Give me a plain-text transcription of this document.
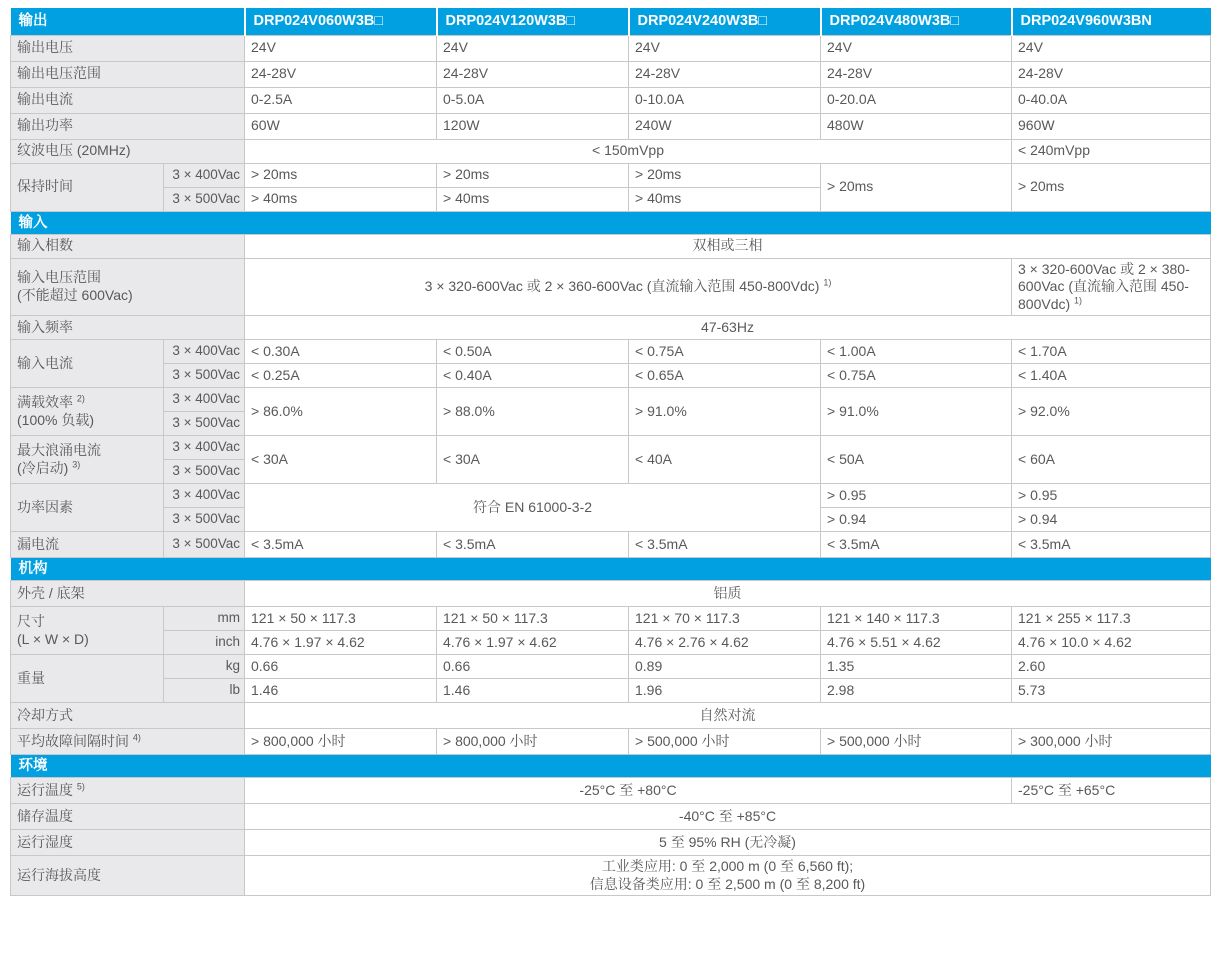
输出		DRP024V060W3B□	DRP024V120W3B□	DRP024V240W3B□	DRP024V480W3B□	DRP024V960W3BN
输出电压		24V	24V	24V	24V	24V
输出电压范围		24-28V	24-28V	24-28V	24-28V	24-28V
输出电流		0-2.5A	0-5.0A	0-10.0A	0-20.0A	0-40.0A
输出功率		60W	120W	240W	480W	960W
纹波电压 (20MHz)		< 150mVpp				< 240mVpp
保持时间	3 × 400Vac	> 20ms	> 20ms	> 20ms	> 20ms	> 20ms
	3 × 500Vac	> 40ms	> 40ms	> 40ms		
输入						
输入相数		双相或三相				
输入电压范围
(不能超过 600Vac)		3 × 320-600Vac 或 2 × 360-600Vac (直流输入范围 450-800Vdc) $^{1)}$				3 × 320-600Vac 或 2 × 380-600Vac (直流输入范围 450-800Vdc) $^{1)}$
输入频率		47-63Hz				
输入电流	3 × 400Vac	< 0.30A	< 0.50A	< 0.75A	< 1.00A	< 1.70A
	3 × 500Vac	< 0.25A	< 0.40A	< 0.65A	< 0.75A	< 1.40A
满载效率 $^{2)}$
(100% 负载)	3 × 400Vac	> 86.0%	> 88.0%	> 91.0%	> 91.0%	> 92.0%
	3 × 500Vac					
最大浪涌电流
(冷启动) $^{3)}$	3 × 400Vac	< 30A	< 30A	< 40A	< 50A	< 60A
	3 × 500Vac					
功率因素	3 × 400Vac	符合 EN 61000-3-2			> 0.95	> 0.95
	3 × 500Vac				> 0.94	> 0.94
漏电流	3 × 500Vac	< 3.5mA	< 3.5mA	< 3.5mA	< 3.5mA	< 3.5mA
机构						
外壳 / 底架		铝质				
尺寸
(L × W × D)	mm	121 × 50 × 117.3	121 × 50 × 117.3	121 × 70 × 117.3	121 × 140 × 117.3	121 × 255 × 117.3
	inch	4.76 × 1.97 × 4.62	4.76 × 1.97 × 4.62	4.76 × 2.76 × 4.62	4.76 × 5.51 × 4.62	4.76 × 10.0 × 4.62
重量	kg	0.66	0.66	0.89	1.35	2.60
	lb	1.46	1.46	1.96	2.98	5.73
冷却方式		自然对流				
平均故障间隔时间 $^{4)}$		> 800,000 小时	> 800,000 小时	> 500,000 小时	> 500,000 小时	> 300,000 小时
环境						
运行温度 $^{5)}$		-25°C 至 +80°C				-25°C 至 +65°C
储存温度		-40°C 至 +85°C				
运行湿度		5 至 95% RH (无冷凝)				
运行海拔高度		工业类应用: 0 至 2,000 m (0 至 6,560 ft);
信息设备类应用: 0 至 2,500 m (0 至 8,200 ft)				
